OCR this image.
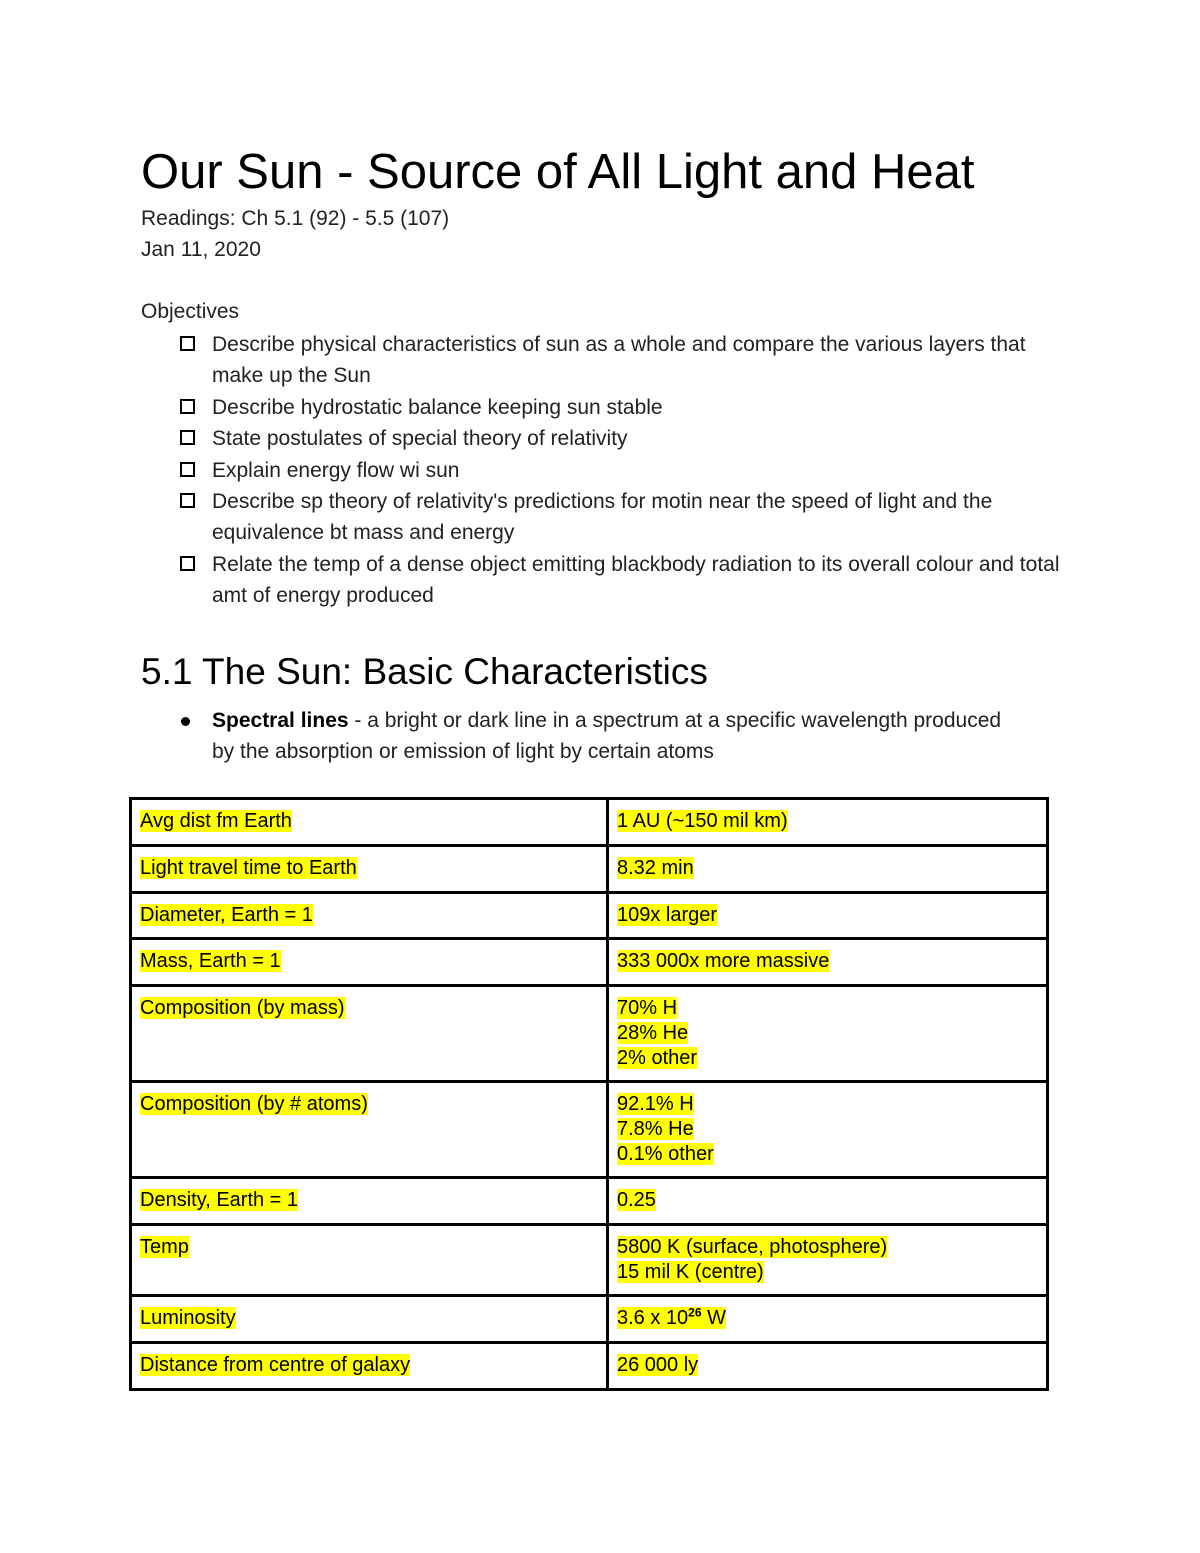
Our Sun - Source of All Light and Heat
Readings: Ch 5.1 (92) - 5.5 (107)
Jan 11, 2020
Objectives
Describe physical characteristics of sun as a whole and compare the various layers that make up the Sun
Describe hydrostatic balance keeping sun stable
State postulates of special theory of relativity
Explain energy flow wi sun
Describe sp theory of relativity's predictions for motin near the speed of light and the equivalence bt mass and energy
Relate the temp of a dense object emitting blackbody radiation to its overall colour and total amt of energy produced
5.1 The Sun: Basic Characteristics
Spectral lines - a bright or dark line in a spectrum at a specific wavelength produced by the absorption or emission of light by certain atoms
Avg dist fm Earth	1 AU (~150 mil km)
Light travel time to Earth	8.32 min
Diameter, Earth = 1	109x larger
Mass, Earth = 1	333 000x more massive
Composition (by mass)	70% H
28% He
2% other

Composition (by # atoms)	92.1% H
7.8% He
0.1% other

Density, Earth = 1	0.25
Temp	5800 K (surface, photosphere)
15 mil K (centre)

Luminosity	3.6 x $10^{26}$ W
Distance from centre of galaxy	26 000 ly
